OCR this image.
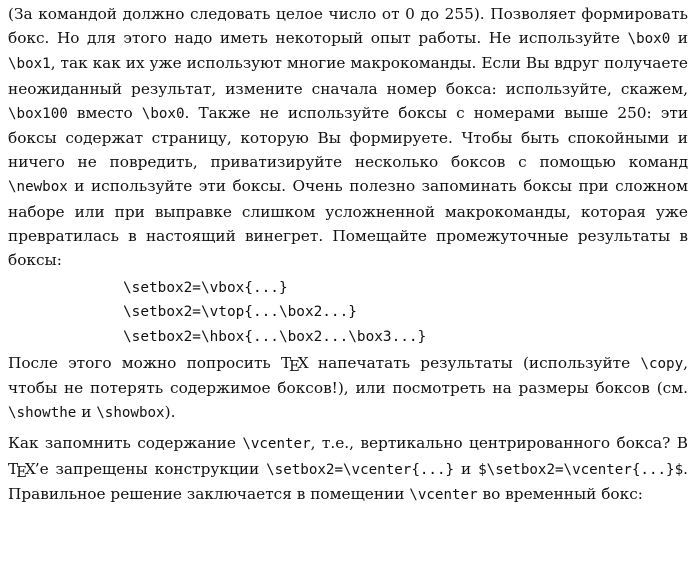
(За командой должно следовать целое число от 0 до 255). Позволяет формировать бокс. Но для этого надо иметь некоторый опыт работы. Не используйте \box0 и \box1, так как их уже используют многие макрокоманды. Если Вы вдруг получаете неожиданный результат, измените сначала номер бокса: используйте, скажем, \box100 вместо \box0. Также не используйте боксы с номерами выше 250: эти боксы содержат страницу, которую Вы формируете. Чтобы быть спокойными и ничего не повредить, приватизируйте несколько боксов с помощью команд \newbox и используйте эти боксы. Очень полезно запоминать боксы при сложном наборе или при выправке слишком усложненной макрокоманды, которая уже превратилась в настоящий винегрет. Помещайте промежуточные результаты в боксы:

\setbox2=\vbox{...}
\setbox2=\vtop{...\box2...}
\setbox2=\hbox{...\box2...\box3...}

После этого можно попросить TEX напечатать результаты (используйте \copy, чтобы не потерять содержимое боксов!), или посмотреть на размеры боксов (см. \showthe и \showbox).

Как запомнить содержание \vcenter, т.е., вертикально центрированного бокса? В TEX’е запрещены конструкции \setbox2=\vcenter{...} и $\setbox2=\vcenter{...}$. Правильное решение заключается в помещении \vcenter во временный бокс:
